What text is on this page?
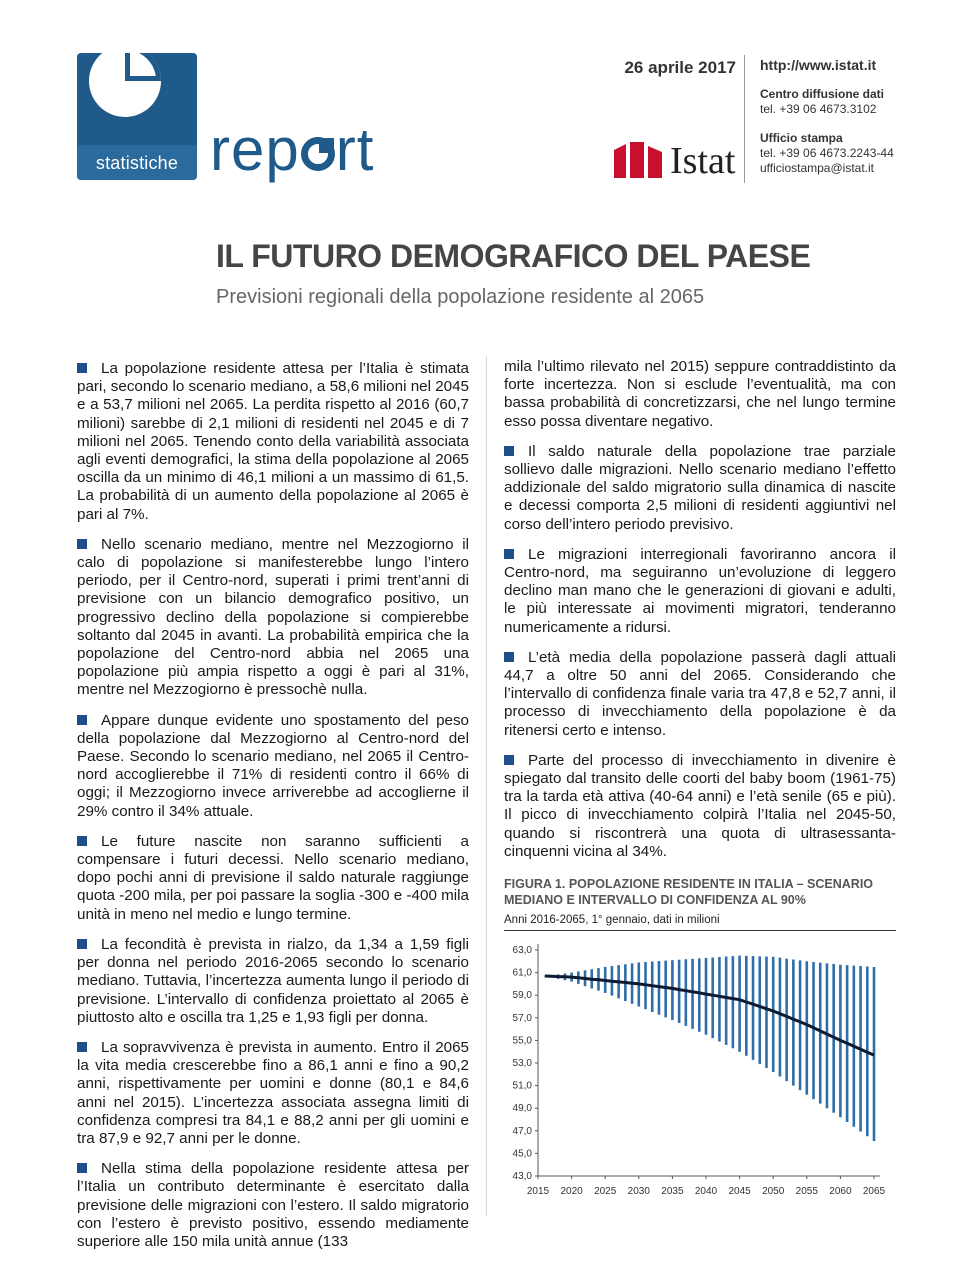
statistiche rep rt
26 aprile 2017
Istat
http://www.istat.it
Centro diffusione dati
tel. +39 06 4673.3102
Ufficio stampa
tel. +39 06 4673.2243-44
ufficiostampa@istat.it
IL FUTURO DEMOGRAFICO DEL PAESE
Previsioni regionali della popolazione residente al 2065

La popolazione residente attesa per l’Italia è stimata pari, secondo lo scenario mediano, a 58,6 milioni nel 2045 e a 53,7 milioni nel 2065. La perdita rispetto al 2016 (60,7 milioni) sarebbe di 2,1 milioni di residenti nel 2045 e di 7 milioni nel 2065. Tenendo conto della variabilità associata agli eventi demografici, la stima della popolazione al 2065 oscilla da un minimo di 46,1 milioni a un massimo di 61,5. La probabilità di un aumento della popolazione al 2065 è pari al 7%.

Nello scenario mediano, mentre nel Mezzogiorno il calo di popolazione si manifesterebbe lungo l’intero periodo, per il Centro-nord, superati i primi trent’anni di previsione con un bilancio demografico positivo, un progressivo declino della popolazione si compierebbe soltanto dal 2045 in avanti. La probabilità empirica che la popolazione del Centro-nord abbia nel 2065 una popolazione più ampia rispetto a oggi è pari al 31%, mentre nel Mezzogiorno è pressochè nulla.

Appare dunque evidente uno spostamento del peso della popolazione dal Mezzogiorno al Centro-nord del Paese. Secondo lo scenario mediano, nel 2065 il Centro-nord accoglierebbe il 71% di residenti contro il 66% di oggi; il Mezzogiorno invece arriverebbe ad accoglierne il 29% contro il 34% attuale.

Le future nascite non saranno sufficienti a compensare i futuri decessi. Nello scenario mediano, dopo pochi anni di previsione il saldo naturale raggiunge quota -200 mila, per poi passare la soglia -300 e -400 mila unità in meno nel medio e lungo termine.

La fecondità è prevista in rialzo, da 1,34 a 1,59 figli per donna nel periodo 2016-2065 secondo lo scenario mediano. Tuttavia, l’incertezza aumenta lungo il periodo di previsione. L’intervallo di confidenza proiettato al 2065 è piuttosto alto e oscilla tra 1,25 e 1,93 figli per donna.

La sopravvivenza è prevista in aumento. Entro il 2065 la vita media crescerebbe fino a 86,1 anni e fino a 90,2 anni, rispettivamente per uomini e donne (80,1 e 84,6 anni nel 2015). L’incertezza associata assegna limiti di confidenza compresi tra 84,1 e 88,2 anni per gli uomini e tra 87,9 e 92,7 anni per le donne.

Nella stima della popolazione residente attesa per l’Italia un contributo determinante è esercitato dalla previsione delle migrazioni con l’estero. Il saldo migratorio con l’estero è previsto positivo, essendo mediamente superiore alle 150 mila unità annue (133

mila l’ultimo rilevato nel 2015) seppure contraddistinto da forte incertezza. Non si esclude l’eventualità, ma con bassa probabilità di concretizzarsi, che nel lungo termine esso possa diventare negativo.

Il saldo naturale della popolazione trae parziale sollievo dalle migrazioni. Nello scenario mediano l’effetto addizionale del saldo migratorio sulla dinamica di nascite e decessi comporta 2,5 milioni di residenti aggiuntivi nel corso dell’intero periodo previsivo.

Le migrazioni interregionali favoriranno ancora il Centro-nord, ma seguiranno un’evoluzione di leggero declino man mano che le generazioni di giovani e adulti, le più interessate ai movimenti migratori, tenderanno numericamente a ridursi.

L’età media della popolazione passerà dagli attuali 44,7 a oltre 50 anni del 2065. Considerando che l’intervallo di confidenza finale varia tra 47,8 e 52,7 anni, il processo di invecchiamento della popolazione è da ritenersi certo e intenso.

Parte del processo di invecchiamento in divenire è spiegato dal transito delle coorti del baby boom (1961-75) tra la tarda età attiva (40-64 anni) e l’età senile (65 e più). Il picco di invecchiamento colpirà l’Italia nel 2045-50, quando si riscontrerà una quota di ultrasessanta-cinquenni vicina al 34%.

FIGURA 1. POPOLAZIONE RESIDENTE IN ITALIA – SCENARIO MEDIANO E INTERVALLO DI CONFIDENZA AL 90%
Anni 2016-2065, 1° gennaio, dati in milioni
43,0
45,0
47,0
49,0
51,0
53,0
55,0
57,0
59,0
61,0
63,0
2015 2020 2025 2030 2035 2040 2045 2050 2055 2060 2065
